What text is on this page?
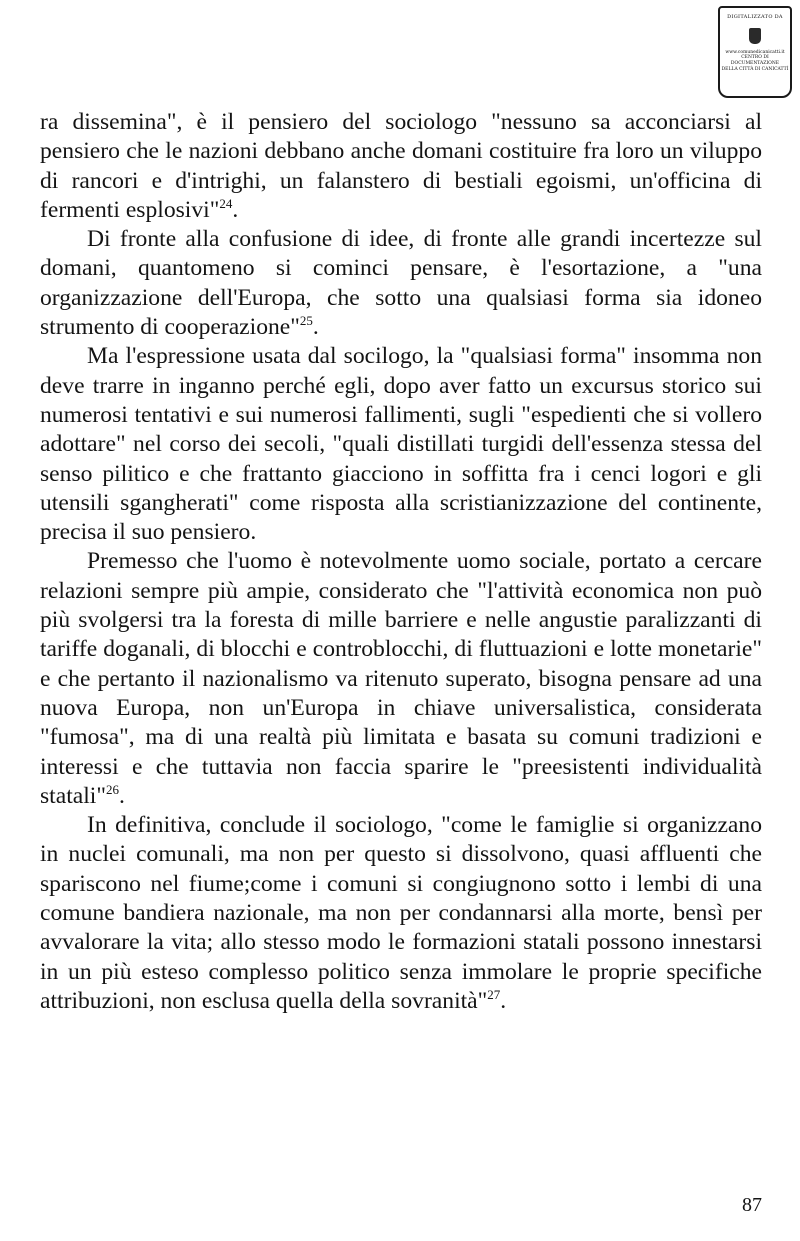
DIGITALIZZATO DA
www.comunedicanicatti.it
CENTRO DI DOCUMENTAZIONE
DELLA CITTÀ DI CANICATTÌ

ra dissemina", è il pensiero del sociologo "nessuno sa acconciarsi al pensiero che le nazioni debbano anche domani costituire fra loro un viluppo di rancori e d'intrighi, un falanstero di bestiali egoismi, un'officina di fermenti esplosivi"$^{24}$.

Di fronte alla confusione di idee, di fronte alle grandi incertezze sul domani, quantomeno si cominci pensare, è l'esortazione, a "una organizzazione dell'Europa, che sotto una qualsiasi forma sia idoneo strumento di cooperazione"$^{25}$.

Ma l'espressione usata dal socilogo, la "qualsiasi forma" insomma non deve trarre in inganno perché egli, dopo aver fatto un excursus storico sui numerosi tentativi e sui numerosi fallimenti, sugli "espedienti che si vollero adottare" nel corso dei secoli, "quali distillati turgidi dell'essenza stessa del senso pilitico e che frattanto giacciono in soffitta fra i cenci logori e gli utensili sgangherati" come risposta alla scristianizzazione del continente, precisa il suo pensiero.

Premesso che l'uomo è notevolmente uomo sociale, portato a cercare relazioni sempre più ampie, considerato che "l'attività economica non può più svolgersi tra la foresta di mille barriere e nelle angustie paralizzanti di tariffe doganali, di blocchi e controblocchi, di fluttuazioni e lotte monetarie" e che pertanto il nazionalismo va ritenuto superato, bisogna pensare ad una nuova Europa, non un'Europa in chiave universalistica, considerata "fumosa", ma di una realtà più limitata e basata su comuni tradizioni e interessi e che tuttavia non faccia sparire le "preesistenti individualità statali"$^{26}$.

In definitiva, conclude il sociologo, "come le famiglie si organizzano in nuclei comunali, ma non per questo si dissolvono, quasi affluenti che spariscono nel fiume;come i comuni si congiugnono sotto i lembi di una comune bandiera nazionale, ma non per condannarsi alla morte, bensì per avvalorare la vita; allo stesso modo le formazioni statali possono innestarsi in un più esteso complesso politico senza immolare le proprie specifiche attribuzioni, non esclusa quella della sovranità"$^{27}$.

87
